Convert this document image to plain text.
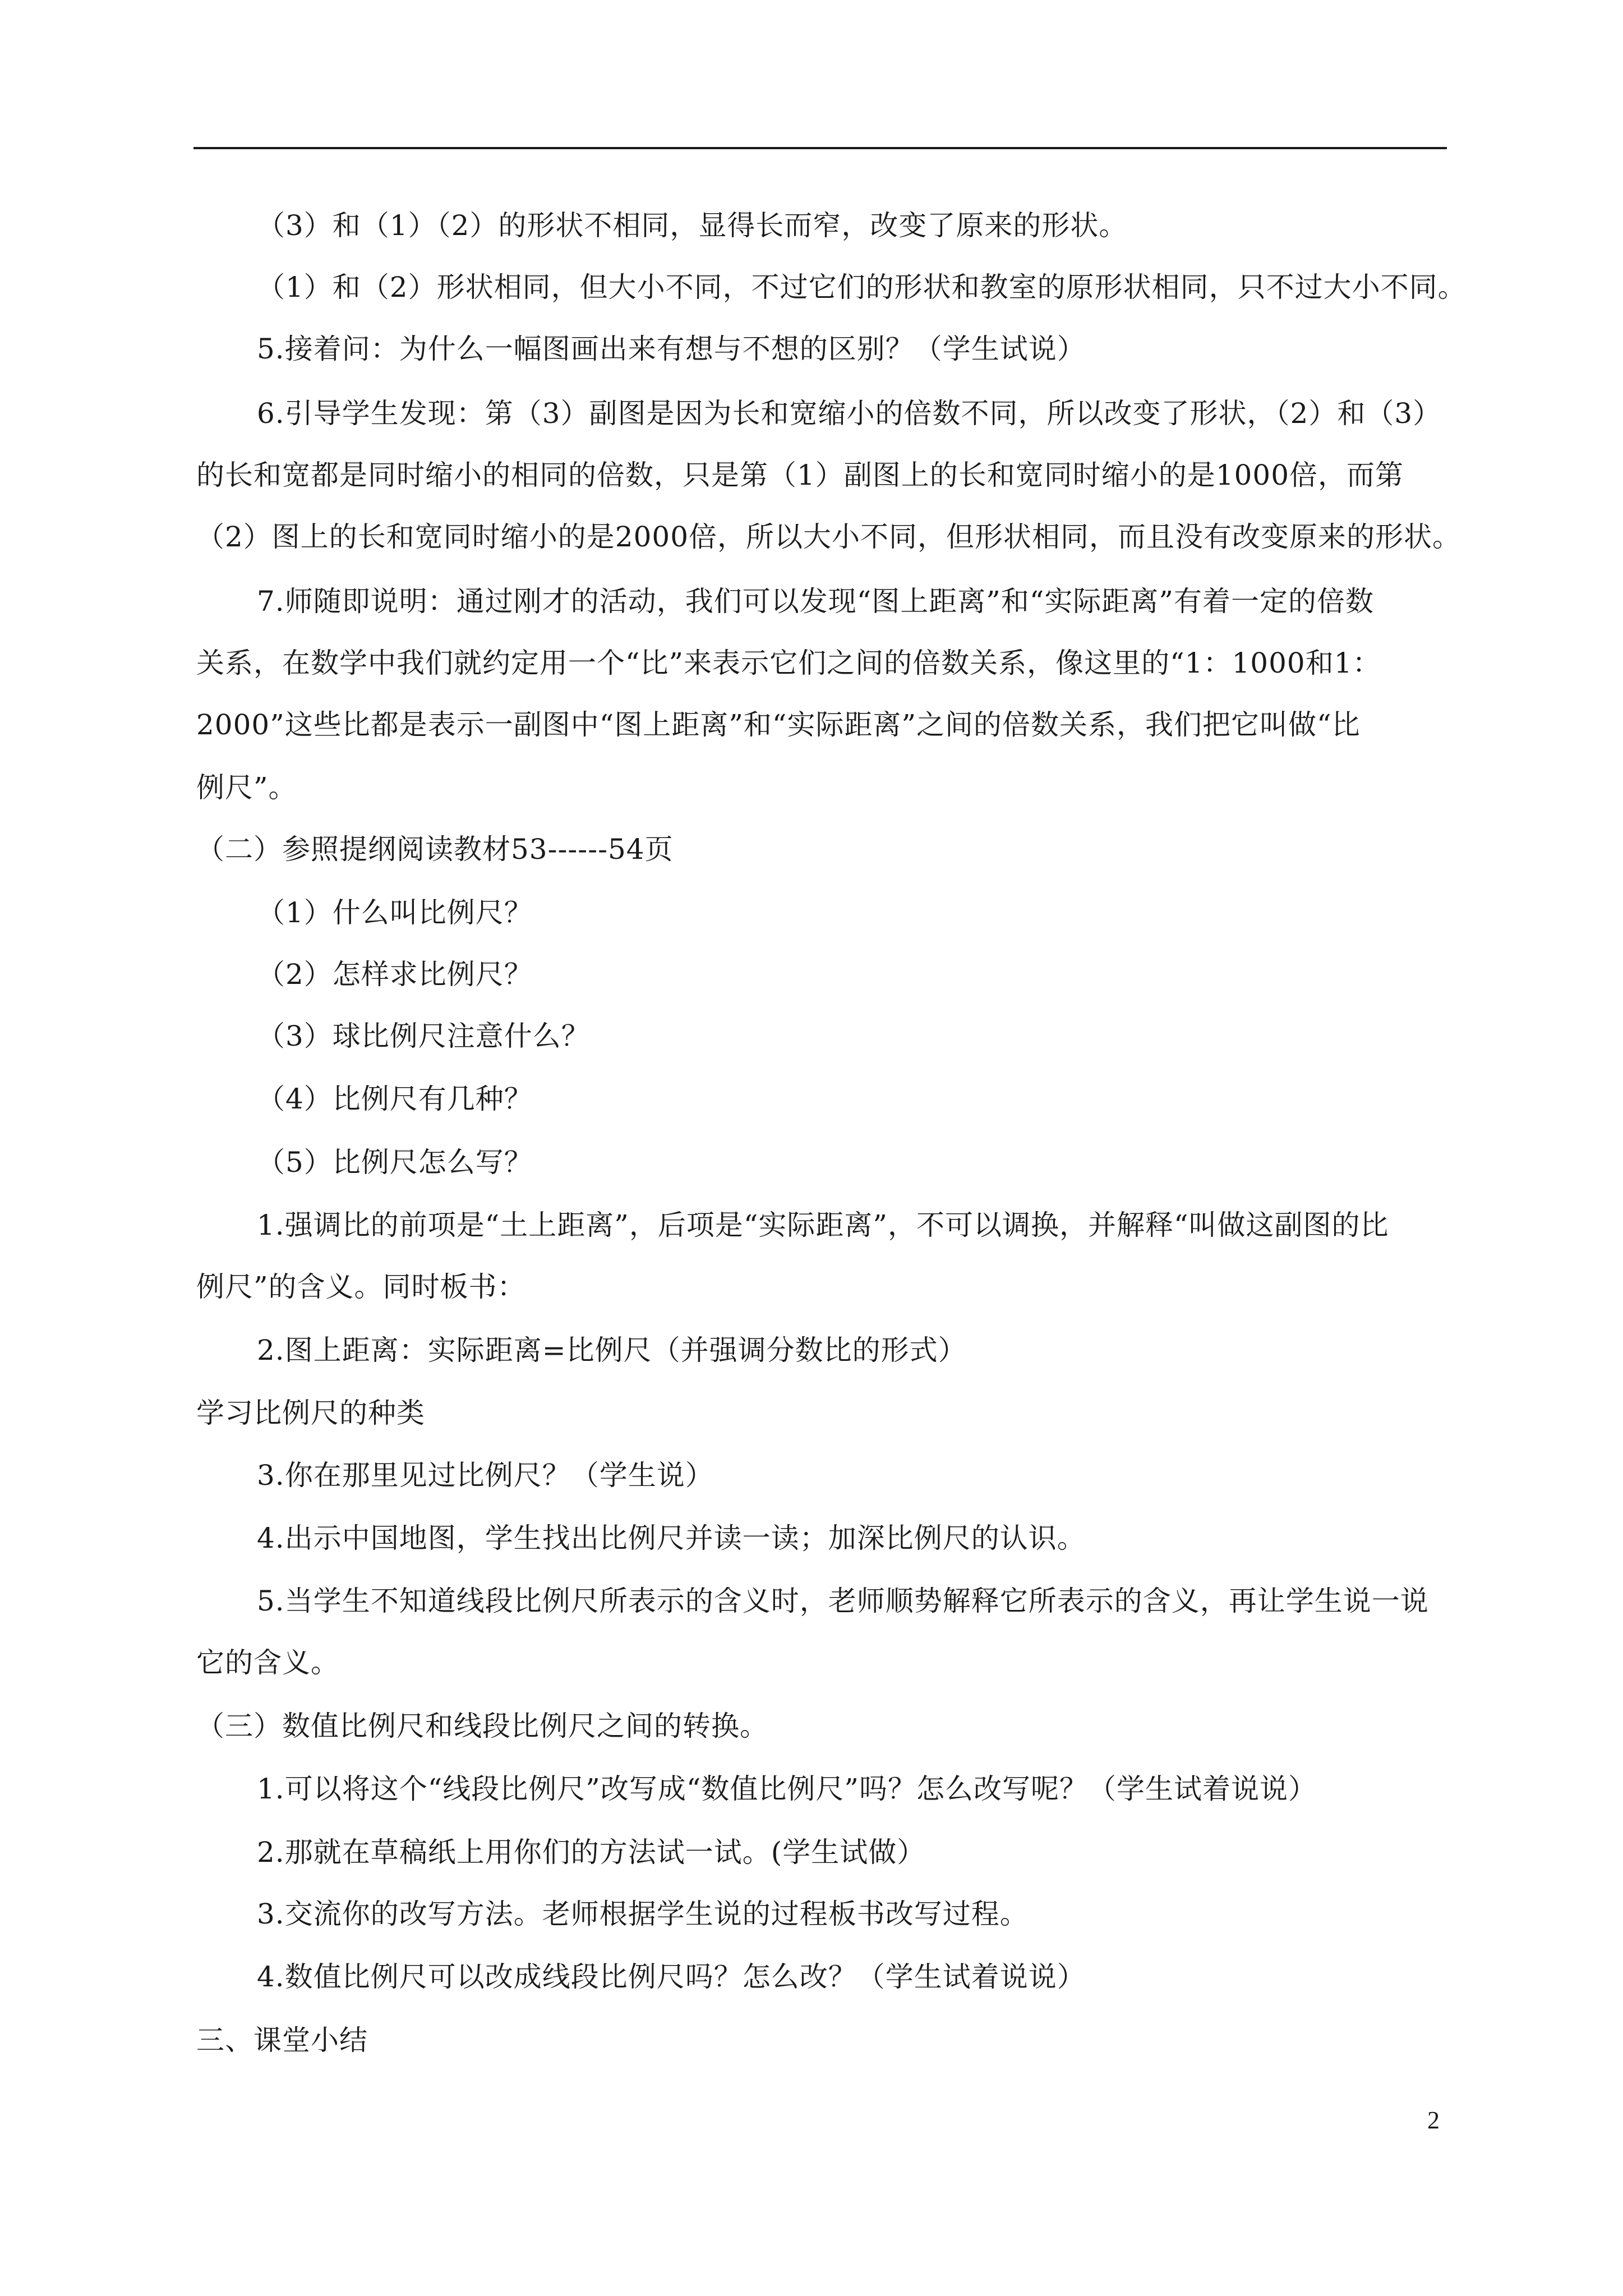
（3）和（1）（2）的形状不相同，显得长而窄，改变了原来的形状。
（1）和（2）形状相同，但大小不同，不过它们的形状和教室的原形状相同，只不过大小不同。
5.接着问：为什么一幅图画出来有想与不想的区别？（学生试说）
6.引导学生发现：第（3）副图是因为长和宽缩小的倍数不同，所以改变了形状，（2）和（3）
的长和宽都是同时缩小的相同的倍数，只是第（1）副图上的长和宽同时缩小的是1000倍，而第
（2）图上的长和宽同时缩小的是2000倍，所以大小不同，但形状相同，而且没有改变原来的形状。
7.师随即说明：通过刚才的活动，我们可以发现“图上距离”和“实际距离”有着一定的倍数
关系，在数学中我们就约定用一个“比”来表示它们之间的倍数关系，像这里的“1：1000和1：
2000”这些比都是表示一副图中“图上距离”和“实际距离”之间的倍数关系，我们把它叫做“比
例尺”。
（二）参照提纲阅读教材53------54页
（1）什么叫比例尺？
（2）怎样求比例尺？
（3）球比例尺注意什么？
（4）比例尺有几种？
（5）比例尺怎么写？
1.强调比的前项是“土上距离”，后项是“实际距离”，不可以调换，并解释“叫做这副图的比
例尺”的含义。同时板书：
2.图上距离：实际距离=比例尺（并强调分数比的形式）
学习比例尺的种类
3.你在那里见过比例尺？（学生说）
4.出示中国地图，学生找出比例尺并读一读；加深比例尺的认识。
5.当学生不知道线段比例尺所表示的含义时，老师顺势解释它所表示的含义，再让学生说一说
它的含义。
（三）数值比例尺和线段比例尺之间的转换。
1.可以将这个“线段比例尺”改写成“数值比例尺”吗？怎么改写呢？（学生试着说说）
2.那就在草稿纸上用你们的方法试一试。(学生试做）
3.交流你的改写方法。老师根据学生说的过程板书改写过程。
4.数值比例尺可以改成线段比例尺吗？怎么改？（学生试着说说）
三、课堂小结
2
